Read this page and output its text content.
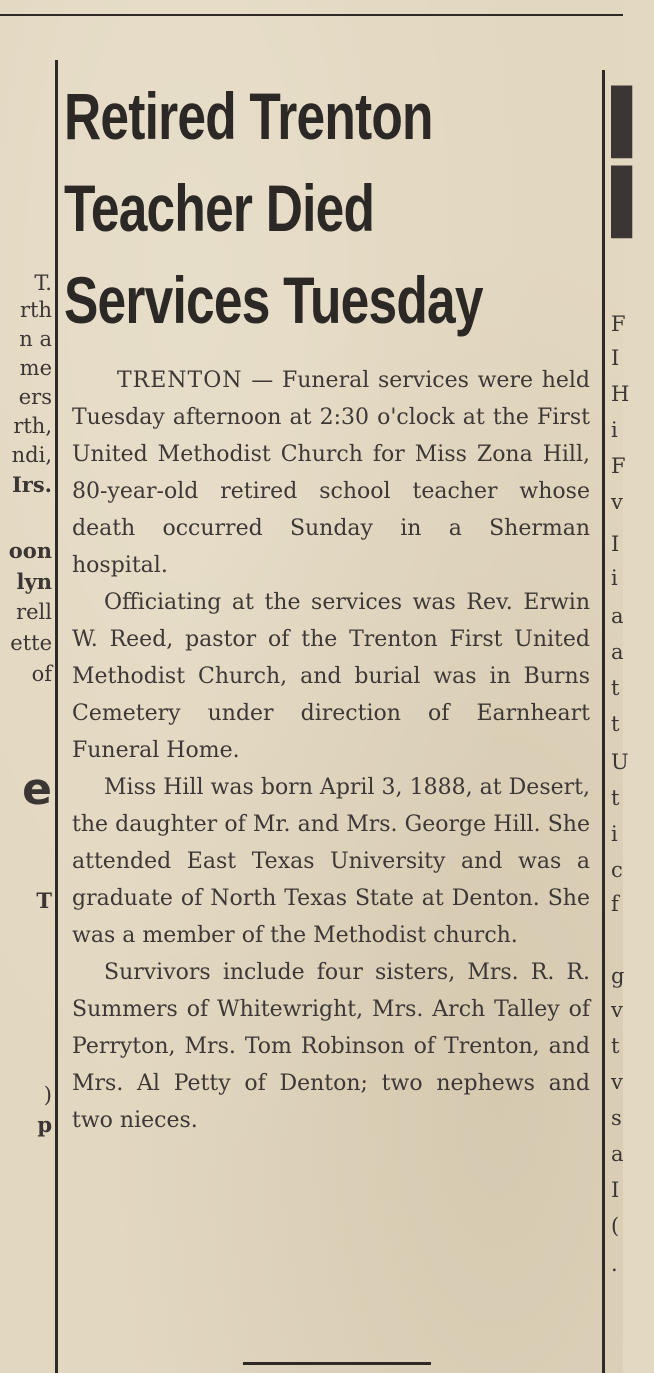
T.
rth
n a
me
ers
rth,
ndi,
Irs.
oon
lyn
rell
ette
of
e
T
)
p
▌
▌
F
I
H
i
F
v
I
i
a
a
t
t
U
t
i
c
f
g
v
t
v
s
a
I
(
.
Retired Trenton
Teacher Died
Services Tuesday

TRENTON — Funeral services were held Tuesday afternoon at 2:30 o'clock at the First United Methodist Church for Miss Zona Hill, 80-year-old retired school teacher whose death occurred Sunday in a Sherman hospital.

Officiating at the services was Rev. Erwin W. Reed, pastor of the Trenton First United Methodist Church, and burial was in Burns Cemetery under direction of Earnheart Funeral Home.

Miss Hill was born April 3, 1888, at Desert, the daughter of Mr. and Mrs. George Hill. She attended East Texas University and was a graduate of North Texas State at Denton. She was a member of the Methodist church.

Survivors include four sisters, Mrs. R. R. Summers of Whitewright, Mrs. Arch Talley of Perryton, Mrs. Tom Robinson of Trenton, and Mrs. Al Petty of Denton; two nephews and two nieces.
